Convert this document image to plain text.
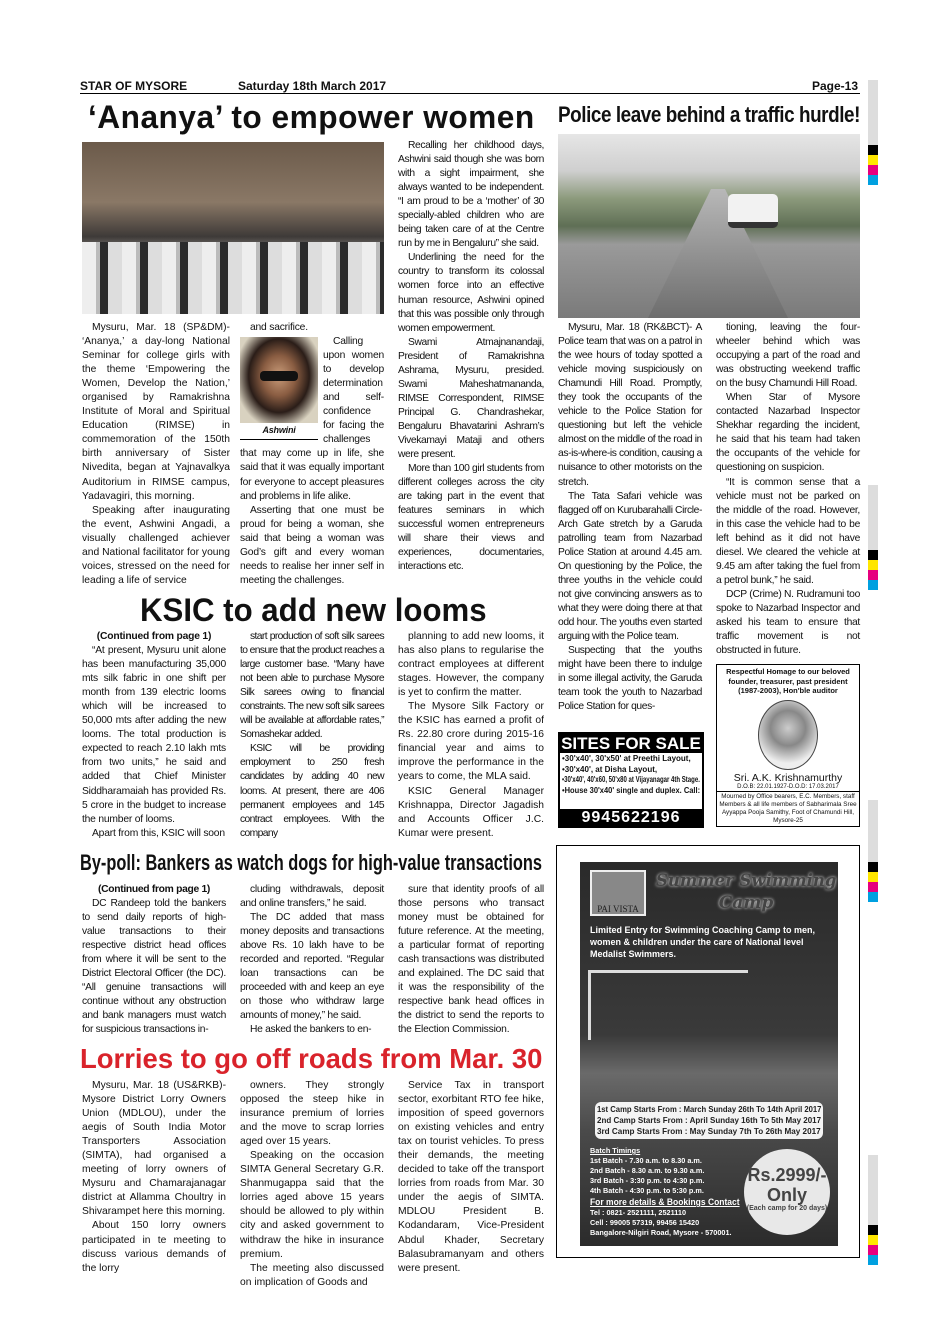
STAR OF MYSORE	Saturday 18th March 2017	Page-13
‘Ananya’ to empower women

Mysuru, Mar. 18 (SP&DM)- ‘Ananya,’ a day-long National Seminar for college girls with the theme ‘Empowering the Women, Develop the Nation,’ organised by Ramakrishna Institute of Moral and Spiritual Education (RIMSE) in commemoration of the 150th birth anniversary of Sister Nivedita, began at Yajnavalkya Auditorium in RIMSE campus, Yadavagiri, this morning.

Speaking after inaugurating the event, Ashwini Angadi, a visually challenged achiever and National facilitator for young voices, stressed on the need for leading a life of service

and sacrifice.

Ashwini
Calling upon women to develop determination and self-confidence for facing the challenges that may come up in life, she said that it was equally important for everyone to accept pleasures and problems in life alike.

Asserting that one must be proud for being a woman, she said that being a woman was God’s gift and every woman needs to realise her inner self in meeting the challenges.

Recalling her childhood days, Ashwini said though she was born with a sight impairment, she always wanted to be independent. “I am proud to be a ‘mother’ of 30 specially-abled children who are being taken care of at the Centre run by me in Bengaluru” she said.

Underlining the need for the country to transform its colossal women force into an effective human resource, Ashwini opined that this was possible only through women empowerment.

Swami Atmajnanandaji, President of Ramakrishna Ashrama, Mysuru, presided. Swami Maheshatmananda, RIMSE Correspondent, RIMSE Principal G. Chandrashekar, Bengaluru Bhavatarini Ashram’s Vivekamayi Mataji and others were present.

More than 100 girl students from different colleges across the city are taking part in the event that features seminars in which successful women entrepreneurs will share their views and experiences, documentaries, interactions etc.

Police leave behind a traffic hurdle!

Mysuru, Mar. 18 (RK&BCT)- A Police team that was on a patrol in the wee hours of today spotted a vehicle moving suspiciously on Chamundi Hill Road. Promptly, they took the occupants of the vehicle to the Police Station for questioning but left the vehicle almost on the middle of the road in as-is-where-is condition, causing a nuisance to other motorists on the stretch.

The Tata Safari vehicle was flagged off on Kurubarahalli Circle-Arch Gate stretch by a Garuda patrolling team from Nazarbad Police Station at around 4.45 am. On questioning by the Police, the three youths in the vehicle could not give convincing answers as to what they were doing there at that odd hour. The youths even started arguing with the Police team.

Suspecting that the youths might have been there to indulge in some illegal activity, the Garuda team took the youth to Nazarbad Police Station for ques-

tioning, leaving the four-wheeler behind which was occupying a part of the road and was obstructing weekend traffic on the busy Chamundi Hill Road.

When Star of Mysore contacted Nazarbad Inspector Shekhar regarding the incident, he said that his team had taken the occupants of the vehicle for questioning on suspicion.

“It is common sense that a vehicle must not be parked on the middle of the road. However, in this case the vehicle had to be left behind as it did not have diesel. We cleared the vehicle at 9.45 am after taking the fuel from a petrol bunk,” he said.

DCP (Crime) N. Rudramuni too spoke to Nazarbad Inspector and asked his team to ensure that traffic movement is not obstructed in future.

KSIC to add new looms

(Continued from page 1)

“At present, Mysuru unit alone has been manufacturing 35,000 mts silk fabric in one shift per month from 139 electric looms which will be increased to 50,000 mts after adding the new looms. The total production is expected to reach 2.10 lakh mts from two units,” he said and added that Chief Minister Siddharamaiah has provided Rs. 5 crore in the budget to increase the number of looms.

Apart from this, KSIC will soon

start production of soft silk sarees to ensure that the product reaches a large customer base. “Many have not been able to purchase Mysore Silk sarees owing to financial constraints. The new soft silk sarees will be available at affordable rates,” Somashekar added.

KSIC will be providing employment to 250 fresh candidates by adding 40 new looms. At present, there are 406 permanent employees and 145 contract employees. With the company

planning to add new looms, it has also plans to regularise the contract employees at different stages. However, the company is yet to confirm the matter.

The Mysore Silk Factory or the KSIC has earned a profit of Rs. 22.80 crore during 2015-16 financial year and aims to improve the performance in the years to come, the MLA said.

KSIC General Manager Krishnappa, Director Jagadish and Accounts Officer J.C. Kumar were present.

SITES FOR SALE
•30'x40', 30'x50' at Preethi Layout,
•30'x40', at Disha Layout,
•30'x40', 40'x60, 50'x80 at Vijayanagar 4th Stage.
•House 30'x40' single and duplex. Call:
9945622196
Respectful Homage to our beloved founder, treasurer, past president (1987-2003), Hon'ble auditor
Sri. A.K. Krishnamurthy
D.O.B: 22.01.1927-D.O.D: 17.03.2017
Mourned by Office bearers, E.C. Members, staff Members & all life members of Sabharimala Sree Ayyappa Pooja Samithy, Foot of Chamundi Hill, Mysore-25
By-poll: Bankers as watch dogs for high-value transactions

(Continued from page 1)

DC Randeep told the bankers to send daily reports of high-value transactions to their respective district head offices from where it will be sent to the District Electoral Officer (the DC). “All genuine transactions will continue without any obstruction and bank managers must watch for suspicious transactions in-

cluding withdrawals, deposit and online transfers,” he said.

The DC added that mass money deposits and transactions above Rs. 10 lakh have to be recorded and reported. “Regular loan transactions can be proceeded with and keep an eye on those who withdraw large amounts of money,” he said.

He asked the bankers to en-

sure that identity proofs of all those persons who transact money must be obtained for future reference. At the meeting, a particular format of reporting cash transactions was distributed and explained. The DC said that it was the responsibility of the respective bank head offices in the district to send the reports to the Election Commission.

Lorries to go off roads from Mar. 30

Mysuru, Mar. 18 (US&RKB)- Mysore District Lorry Owners Union (MDLOU), under the aegis of South India Motor Transporters Association (SIMTA), had organised a meeting of lorry owners of Mysuru and Chamarajanagar district at Allamma Choultry in Shivarampet here this morning.

About 150 lorry owners participated in te meeting to discuss various demands of the lorry

owners. They strongly opposed the steep hike in insurance premium of lorries and the move to scrap lorries aged over 15 years.

Speaking on the occasion SIMTA General Secretary G.R. Shanmugappa said that the lorries aged above 15 years should be allowed to ply within city and asked government to withdraw the hike in insurance premium.

The meeting also discussed on implication of Goods and

Service Tax in transport sector, exorbitant RTO fee hike, imposition of speed governors on existing vehicles and entry tax on tourist vehicles. To press their demands, the meeting decided to take off the transport lorries from roads from Mar. 30 under the aegis of SIMTA. MDLOU President B. Kodandaram, Vice-President Abdul Khader, Secretary Balasubramanyam and others were present.

PAI VISTA
Summer Swimming
Camp
Limited Entry for Swimming Coaching Camp to men, women & children under the care of National level Medalist Swimmers.
1st Camp Starts From : March Sunday 26th To 14th April 2017
2nd Camp Starts From : April Sunday 16th To 5th May 2017
3rd Camp Starts From : May Sunday 7th To 26th May 2017
Batch Timings
1st Batch - 7.30 a.m. to 8.30 a.m.
2nd Batch - 8.30 a.m. to 9.30 a.m.
3rd Batch - 3:30 p.m. to 4:30 p.m.
4th Batch - 4:30 p.m. to 5:30 p.m.
For more details & Bookings Contact
Tel : 0821- 2521111, 2521110
Cell : 99005 57319, 99456 15420
Bangalore-Nilgiri Road, Mysore - 570001.
Rs.2999/-
Only
(Each camp for 20 days)
